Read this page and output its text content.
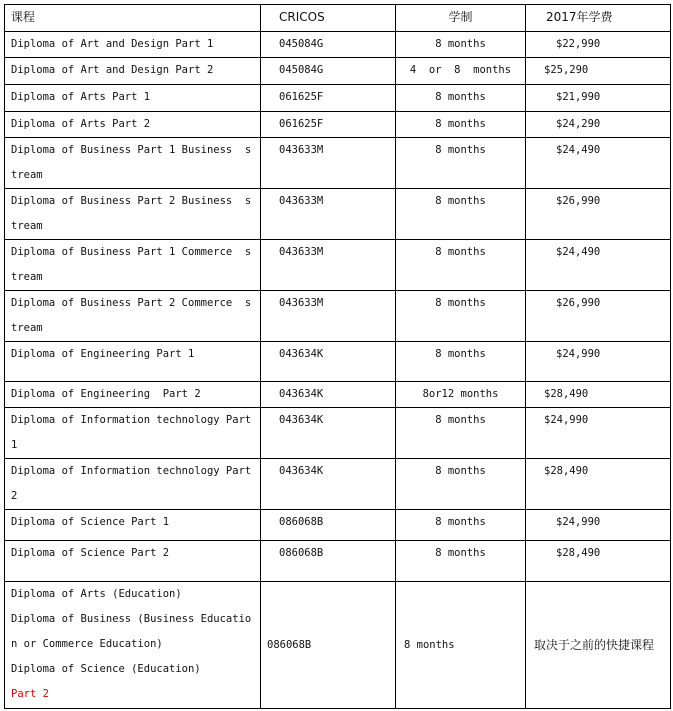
课程	CRICOS	学制	2017年学费
Diploma of Art and Design Part 1	045084G	8 months	$22,990
Diploma of Art and Design Part 2	045084G	4  or  8  months	$25,290
Diploma of Arts Part 1	061625F	8 months	$21,990
Diploma of Arts Part 2	061625F	8 months	$24,290
Diploma of Business Part 1 Business  stream	043633M	8 months	$24,490
Diploma of Business Part 2 Business  stream	043633M	8 months	$26,990
Diploma of Business Part 1 Commerce  stream	043633M	8 months	$24,490
Diploma of Business Part 2 Commerce  stream	043633M	8 months	$26,990
Diploma of Engineering Part 1	043634K	8 months	$24,990
Diploma of Engineering  Part 2	043634K	8or12 months	$28,490
Diploma of Information technology Part 1	043634K	8 months	$24,990
Diploma of Information technology Part 2	043634K	8 months	$28,490
Diploma of Science Part 1	086068B	8 months	$24,990
Diploma of Science Part 2	086068B	8 months	$28,490

Diploma of Arts (Education)
Diploma of Business (Business Education or Commerce Education)
Diploma of Science (Education)
Part 2	086068B	8 months	取决于之前的快捷课程
